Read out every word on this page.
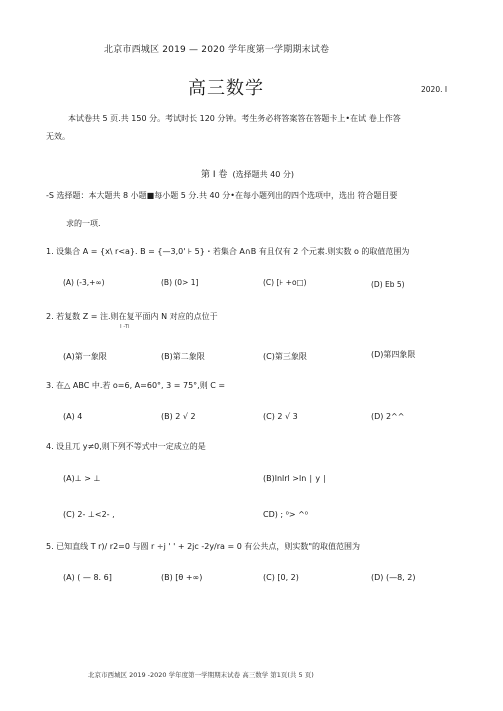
北京市西城区 2019 — 2020 学年度第一学期期末试卷
高三数学	2020. I
本试卷共 5 页.共 150 分。考试时长 120 分钟。考生务必将答案答在答题卡上•在试 卷上作答
无效。
第 I 卷 (选择题共 40 分)
-S 选择题：本大题共 8 小题■每小题 5 分.共 40 分•在每小题列出的四个选项中，选出 符合题目要
求的一项.
1. 设集合 A = {x\ r<a}. B = {—3,0' ⊦ 5}・若集合 A∩B 有且仅有 2 个元素.则实数 o 的取值范围为
(A) (-3,+∞)	(B) (0> 1]	(C) [⊦ +o□)	(D) Eb 5)
2. 若复数 Z = 注.则在复平面内 N 对应的点位于
I -Ti
(A)第一象限	(B)第二象限	(C)第三象限	(D)第四象限
3. 在△ ABC 中.若 o=6, A=60°, 3 = 75°,则 C =
(A) 4	(B) 2 √ 2	(C) 2 √ 3	(D) 2^^
4. 设且兀 y≠0,则下列不等式中一定成立的是
(A)⊥ > ⊥	(B)lnlrl >ln ∣ y ∣
(C) 2- ⊥<2- ,	CD) ; ⁰> ^⁰
5. 已知直线 T r)/ r2=0 与圆 r ÷j ' ' + 2jc -2y/ra = 0 有公共点，则实数"的取值范围为
(A) ( — 8. 6]	(B) [θ +∞)	(C) [0, 2)	(D) (—8, 2)
北京市西城区 2019 -2020 学年度第一学期期末试卷 高三数学 第1页(共 5 页)
